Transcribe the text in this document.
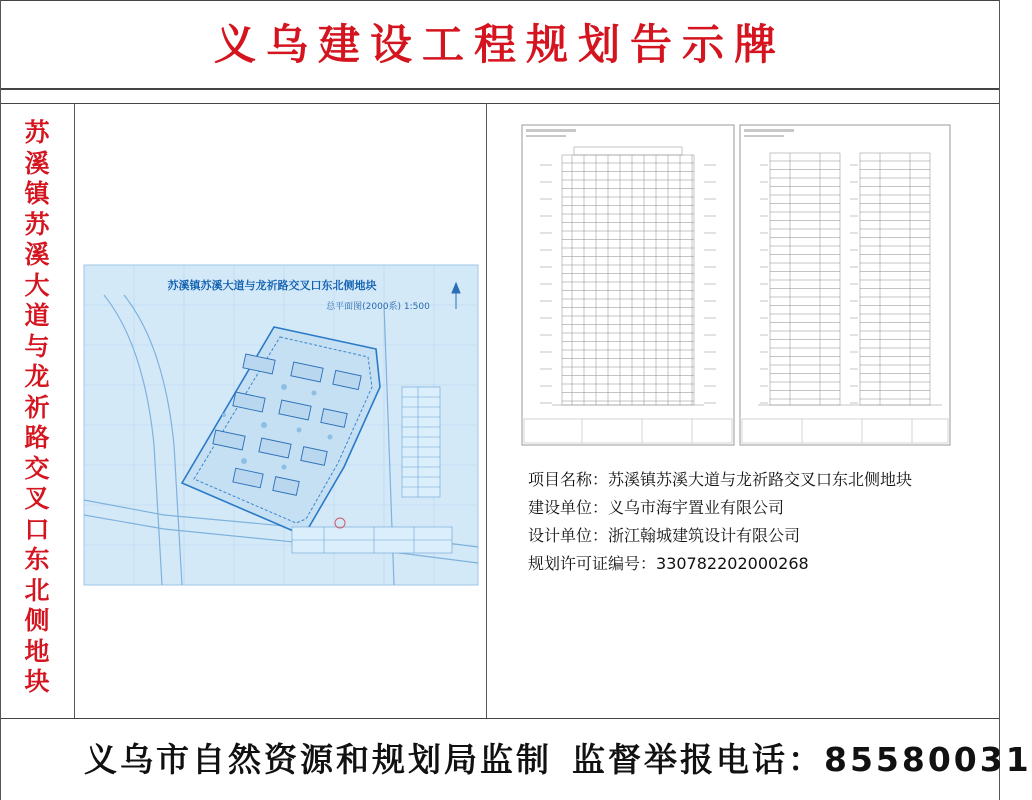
义乌建设工程规划告示牌
苏
溪
镇
苏
溪
大
道
与
龙
祈
路
交
叉
口
东
北
侧
地
块
苏溪镇苏溪大道与龙祈路交叉口东北侧地块
总平面图(2000系) 1:500
项目名称：苏溪镇苏溪大道与龙祈路交叉口东北侧地块
建设单位：义乌市海宇置业有限公司
设计单位：浙江翰城建筑设计有限公司
规划许可证编号：330782202000268
义乌市自然资源和规划局监制 监督举报电话：85580031
